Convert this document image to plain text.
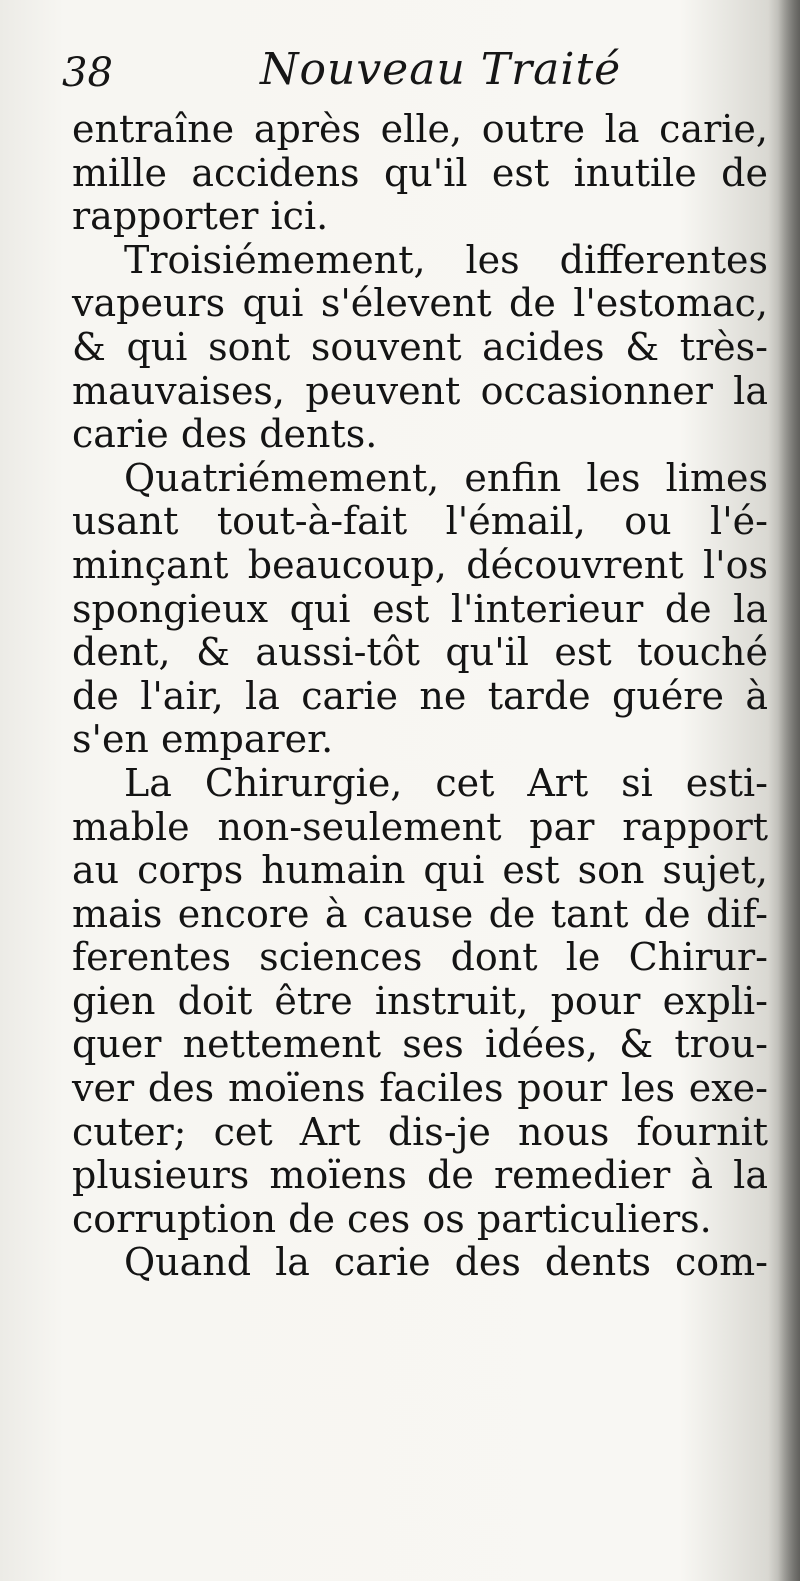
38	Nouveau Traité
entraîne après elle, outre la carie,
mille accidens qu'il est inutile de
rapporter ici.
Troisiémement, les differentes
vapeurs qui s'élevent de l'estomac,
& qui sont souvent acides & très-
mauvaises, peuvent occasionner la
carie des dents.
Quatriémement, enfin les limes
usant tout-à-fait l'émail, ou l'é-
minçant beaucoup, découvrent l'os
spongieux qui est l'interieur de la
dent, & aussi-tôt qu'il est touché
de l'air, la carie ne tarde guére à
s'en emparer.
La Chirurgie, cet Art si esti-
mable non-seulement par rapport
au corps humain qui est son sujet,
mais encore à cause de tant de dif-
ferentes sciences dont le Chirur-
gien doit être instruit, pour expli-
quer nettement ses idées, & trou-
ver des moïens faciles pour les exe-
cuter; cet Art dis-je nous fournit
plusieurs moïens de remedier à la
corruption de ces os particuliers.
Quand la carie des dents com-
